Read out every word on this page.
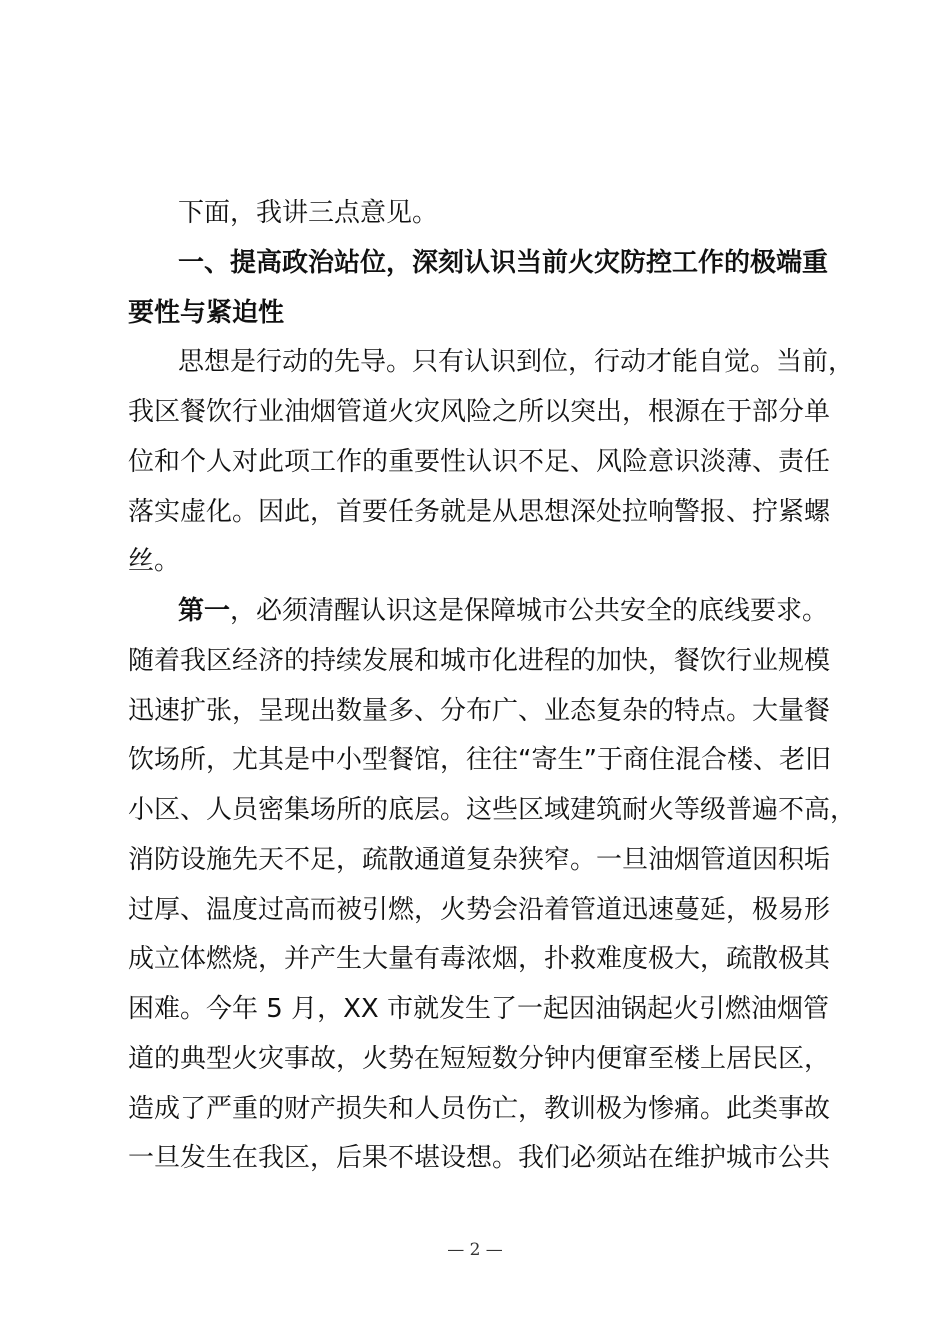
下面，我讲三点意见。
一、提高政治站位，深刻认识当前火灾防控工作的极端重
要性与紧迫性
思想是行动的先导。只有认识到位，行动才能自觉。当前，
我区餐饮行业油烟管道火灾风险之所以突出，根源在于部分单
位和个人对此项工作的重要性认识不足、风险意识淡薄、责任
落实虚化。因此，首要任务就是从思想深处拉响警报、拧紧螺
丝。
第一，必须清醒认识这是保障城市公共安全的底线要求。
随着我区经济的持续发展和城市化进程的加快，餐饮行业规模
迅速扩张，呈现出数量多、分布广、业态复杂的特点。大量餐
饮场所，尤其是中小型餐馆，往往“寄生”于商住混合楼、老旧
小区、人员密集场所的底层。这些区域建筑耐火等级普遍不高，
消防设施先天不足，疏散通道复杂狭窄。一旦油烟管道因积垢
过厚、温度过高而被引燃，火势会沿着管道迅速蔓延，极易形
成立体燃烧，并产生大量有毒浓烟，扑救难度极大，疏散极其
困难。今年 5 月，XX 市就发生了一起因油锅起火引燃油烟管
道的典型火灾事故，火势在短短数分钟内便窜至楼上居民区，
造成了严重的财产损失和人员伤亡，教训极为惨痛。此类事故
一旦发生在我区，后果不堪设想。我们必须站在维护城市公共
— 2 —
